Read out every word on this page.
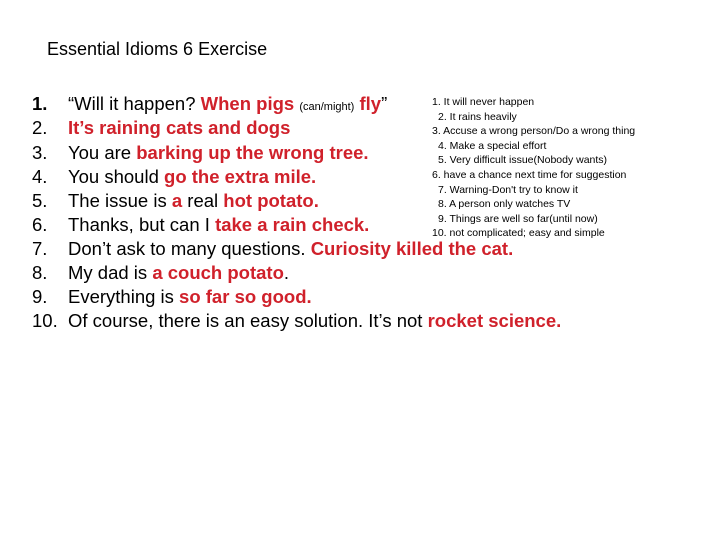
Essential Idioms 6 Exercise
1. “Will it happen? When pigs (can/might) fly”
2. It’s raining cats and dogs
3. You are barking up the wrong tree.
4. You should go the extra mile.
5. The issue is a real hot potato.
6. Thanks, but can I take a rain check.
7. Don’t ask to many questions. Curiosity killed the cat.
8. My dad is a couch potato.
9. Everything is so far so good.
10. Of course, there is an easy solution. It’s not rocket science.
1. It will never happen
2. It rains heavily
3. Accuse a wrong person/Do a wrong thing
4. Make a special effort
5. Very difficult issue(Nobody wants)
6. have a chance next time for suggestion
7. Warning-Don't try to know it
8. A person only watches TV
9. Things are well so far(until now)
10. not complicated; easy and simple
